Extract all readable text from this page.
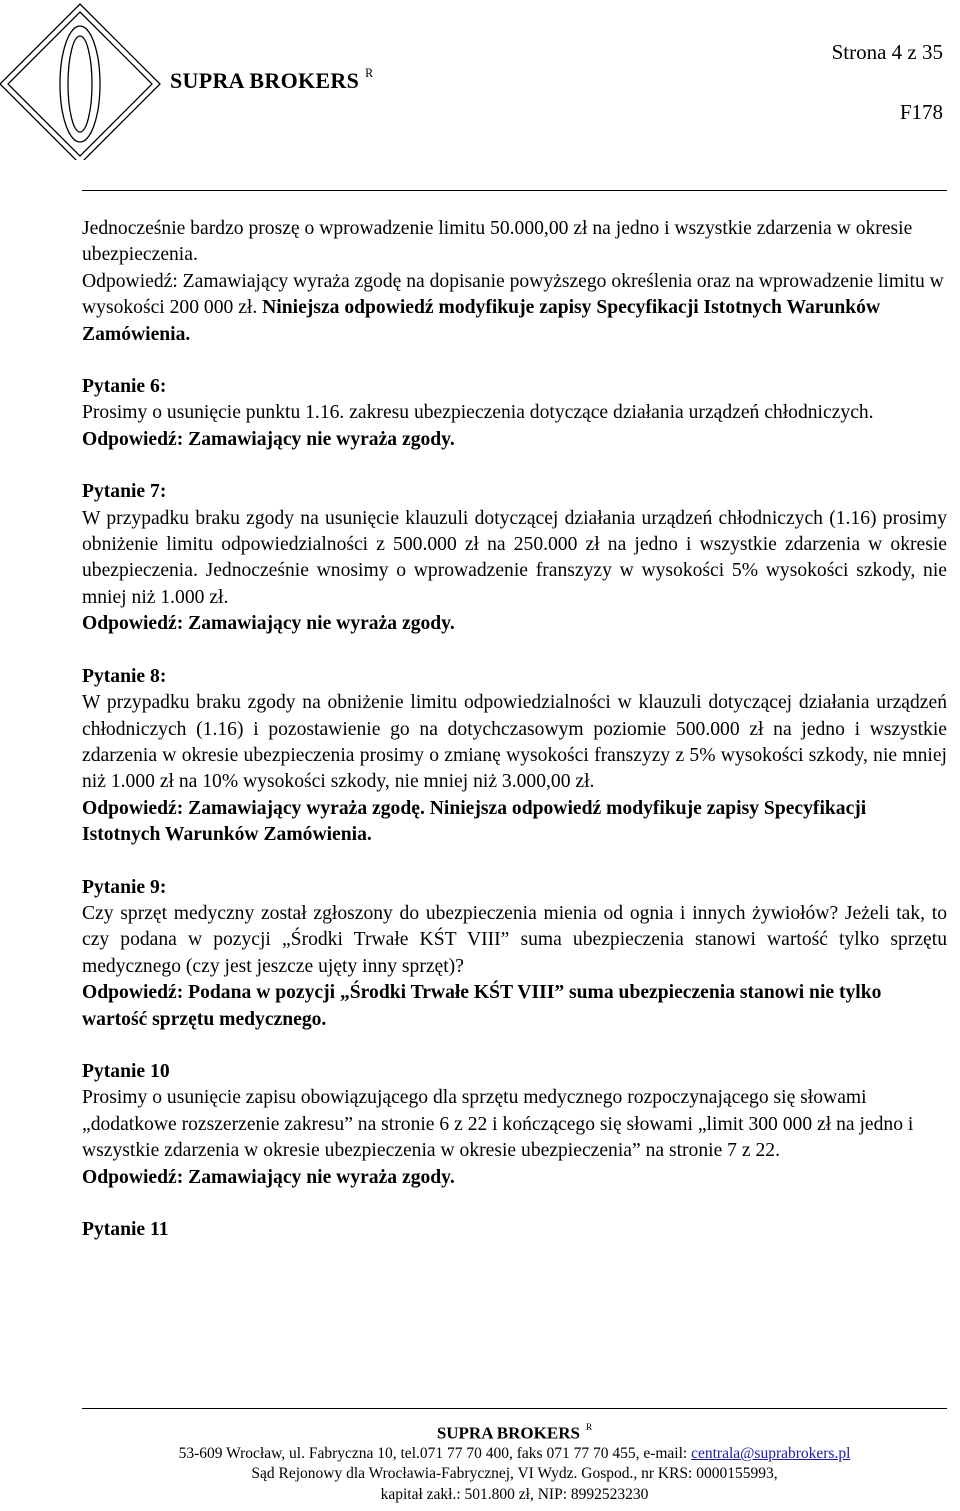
SUPRA BROKERS $^R$
Strona 4 z 35
F178

Jednocześnie bardzo proszę o wprowadzenie limitu 50.000,00 zł na jedno i wszystkie zdarzenia w okresie ubezpieczenia.

Odpowiedź: Zamawiający wyraża zgodę na dopisanie powyższego określenia oraz na wprowadzenie limitu w wysokości 200 000 zł. Niniejsza odpowiedź modyfikuje zapisy Specyfikacji Istotnych Warunków Zamówienia.

Pytanie 6:

Prosimy o usunięcie punktu 1.16. zakresu ubezpieczenia dotyczące działania urządzeń chłodniczych.

Odpowiedź: Zamawiający nie wyraża zgody.

Pytanie 7:

W przypadku braku zgody na usunięcie klauzuli dotyczącej działania urządzeń chłodniczych (1.16) prosimy obniżenie limitu odpowiedzialności z 500.000 zł na 250.000 zł na jedno i wszystkie zdarzenia w okresie ubezpieczenia. Jednocześnie wnosimy o wprowadzenie franszyzy w wysokości 5% wysokości szkody, nie mniej niż 1.000 zł.

Odpowiedź: Zamawiający nie wyraża zgody.

Pytanie 8:

W przypadku braku zgody na obniżenie limitu odpowiedzialności w klauzuli dotyczącej działania urządzeń chłodniczych (1.16) i pozostawienie go na dotychczasowym poziomie 500.000 zł na jedno i wszystkie zdarzenia w okresie ubezpieczenia prosimy o zmianę wysokości franszyzy z 5% wysokości szkody, nie mniej niż 1.000 zł na 10% wysokości szkody, nie mniej niż 3.000,00 zł.

Odpowiedź: Zamawiający wyraża zgodę. Niniejsza odpowiedź modyfikuje zapisy Specyfikacji Istotnych Warunków Zamówienia.

Pytanie 9:

Czy sprzęt medyczny został zgłoszony do ubezpieczenia mienia od ognia i innych żywiołów? Jeżeli tak, to czy podana w pozycji „Środki Trwałe KŚT VIII” suma ubezpieczenia stanowi wartość tylko sprzętu medycznego (czy jest jeszcze ujęty inny sprzęt)?

Odpowiedź: Podana w pozycji „Środki Trwałe KŚT VIII” suma ubezpieczenia stanowi nie tylko wartość sprzętu medycznego.

Pytanie 10

Prosimy o usunięcie zapisu obowiązującego dla sprzętu medycznego rozpoczynającego się słowami „dodatkowe rozszerzenie zakresu” na stronie 6 z 22 i kończącego się słowami „limit 300 000 zł na jedno i wszystkie zdarzenia w okresie ubezpieczenia w okresie ubezpieczenia” na stronie 7 z 22.

Odpowiedź: Zamawiający nie wyraża zgody.

Pytanie 11

SUPRA BROKERS $^R$
53-609 Wrocław, ul. Fabryczna 10, tel.071 77 70 400, faks 071 77 70 455, e-mail: centrala@suprabrokers.pl
Sąd Rejonowy dla Wrocławia-Fabrycznej, VI Wydz. Gospod., nr KRS: 0000155993,
kapitał zakł.: 501.800 zł, NIP: 8992523230
